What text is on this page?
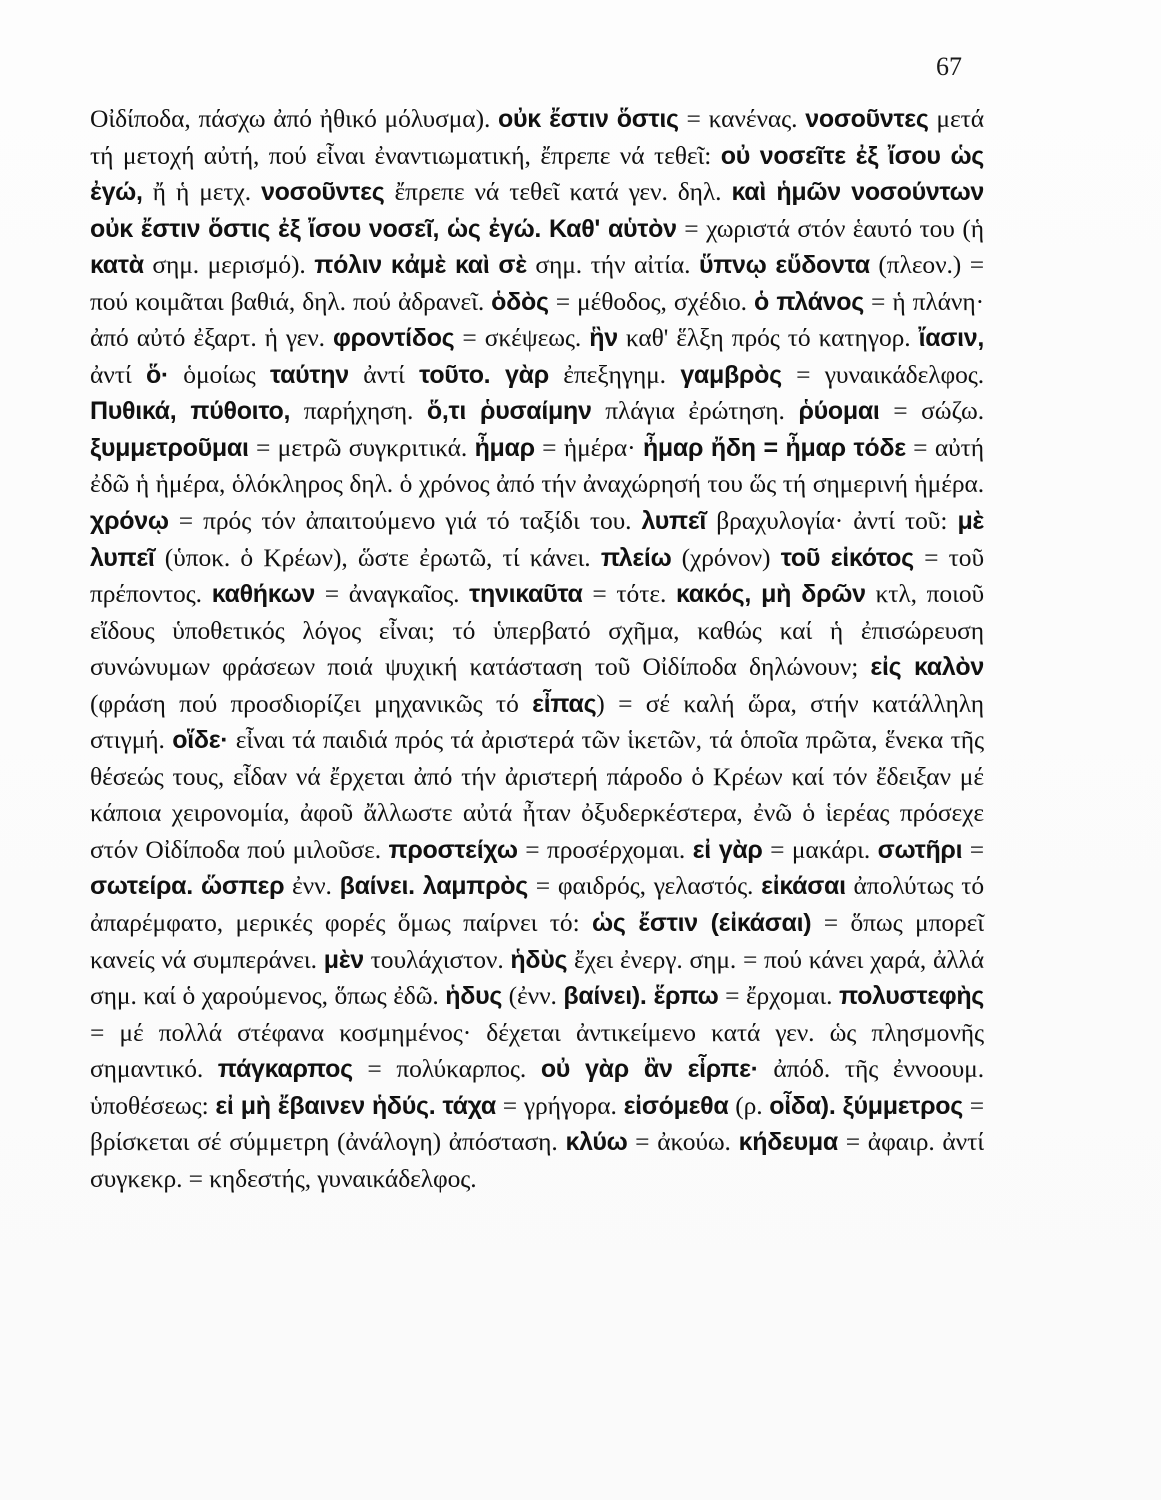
67
Οἰδίποδα, πάσχω ἀπό ἠθικό μόλυσμα). οὐκ ἔστιν ὅστις = κανένας. νοσοῦντες μετά τή μετοχή αὐτή, πού εἶναι ἐναντιωματική, ἔπρεπε νά τεθεῖ: οὐ νοσεῖτε ἐξ ἴσου ὡς ἐγώ, ἤ ἡ μετχ. νοσοῦντες ἔπρεπε νά τεθεῖ κατά γεν. δηλ. καὶ ἡμῶν νοσούντων οὐκ ἔστιν ὅστις ἐξ ἴσου νοσεῖ, ὡς ἐγώ. Καθ' αὑτὸν = χωριστά στόν ἑαυτό του (ἡ κατὰ σημ. μερισμό). πόλιν κἀμὲ καὶ σὲ σημ. τήν αἰτία. ὕπνῳ εὕδοντα (πλεον.) = πού κοιμᾶται βαθιά, δηλ. πού ἀδρανεῖ. ὁδὸς = μέθοδος, σχέδιο. ὁ πλάνος = ἡ πλάνη· ἀπό αὐτό ἐξαρτ. ἡ γεν. φροντίδος = σκέψεως. ἣν καθ' ἕλξη πρός τό κατηγορ. ἴασιν, ἀντί ὅ· ὁμοίως ταύτην ἀντί τοῦτο. γὰρ ἐπεξηγημ. γαμβρὸς = γυναικάδελφος. Πυθικά, πύθοιτο, παρήχηση. ὅ,τι ῥυσαίμην πλάγια ἐρώτηση. ῥύομαι = σώζω. ξυμμετροῦμαι = μετρῶ συγκριτικά. ἦμαρ = ἡμέρα· ἦμαρ ἤδη = ἦμαρ τόδε = αὐτή ἐδῶ ἡ ἡμέρα, ὁλόκληρος δηλ. ὁ χρόνος ἀπό τήν ἀναχώρησή του ὥς τή σημερινή ἡμέρα. χρόνῳ = πρός τόν ἀπαιτούμενο γιά τό ταξίδι του. λυπεῖ βραχυλογία· ἀντί τοῦ: μὲ λυπεῖ (ὑποκ. ὁ Κρέων), ὥστε ἐρωτῶ, τί κάνει. πλείω (χρόνον) τοῦ εἰκότος = τοῦ πρέποντος. καθήκων = ἀναγκαῖος. τηνικαῦτα = τότε. κακός, μὴ δρῶν κτλ, ποιοῦ εἴδους ὑποθετικός λόγος εἶναι; τό ὑπερβατό σχῆμα, καθώς καί ἡ ἐπισώρευση συνώνυμων φράσεων ποιά ψυχική κατάσταση τοῦ Οἰδίποδα δηλώνουν; εἰς καλὸν (φράση πού προσδιορίζει μηχανικῶς τό εἶπας) = σέ καλή ὥρα, στήν κατάλληλη στιγμή. οἵδε· εἶναι τά παιδιά πρός τά ἀριστερά τῶν ἱκετῶν, τά ὁποῖα πρῶτα, ἕνεκα τῆς θέσεώς τους, εἶδαν νά ἔρχεται ἀπό τήν ἀριστερή πάροδο ὁ Κρέων καί τόν ἔδειξαν μέ κάποια χειρονομία, ἀφοῦ ἄλλωστε αὐτά ἦταν ὀξυδερκέστερα, ἐνῶ ὁ ἱερέας πρόσεχε στόν Οἰδίποδα πού μιλοῦσε. προστείχω = προσέρχομαι. εἰ γὰρ = μακάρι. σωτῆρι = σωτείρα. ὥσπερ ἐνν. βαίνει. λαμπρὸς = φαιδρός, γελαστός. εἰκάσαι ἀπολύτως τό ἀπαρέμφατο, μερικές φορές ὅμως παίρνει τό: ὡς ἔστιν (εἰκάσαι) = ὅπως μπορεῖ κανείς νά συμπεράνει. μὲν τουλάχιστον. ἡδὺς ἔχει ἐνεργ. σημ. = πού κάνει χαρά, ἀλλά σημ. καί ὁ χαρούμενος, ὅπως ἐδῶ. ἡδυς (ἐνν. βαίνει). ἕρπω = ἔρχομαι. πολυστεφὴς = μέ πολλά στέφανα κοσμημένος· δέχεται ἀντικείμενο κατά γεν. ὡς πλησμονῆς σημαντικό. πάγκαρπος = πολύκαρπος. οὐ γὰρ ἂν εἷρπε· ἀπόδ. τῆς ἐννοουμ. ὑποθέσεως: εἰ μὴ ἔβαινεν ἡδύς. τάχα = γρήγορα. εἰσόμεθα (ρ. οἶδα). ξύμμετρος = βρίσκεται σέ σύμμετρη (ἀνάλογη) ἀπόσταση. κλύω = ἀκούω. κήδευμα = ἀφαιρ. ἀντί συγκεκρ. = κηδεστής, γυναικάδελφος.
